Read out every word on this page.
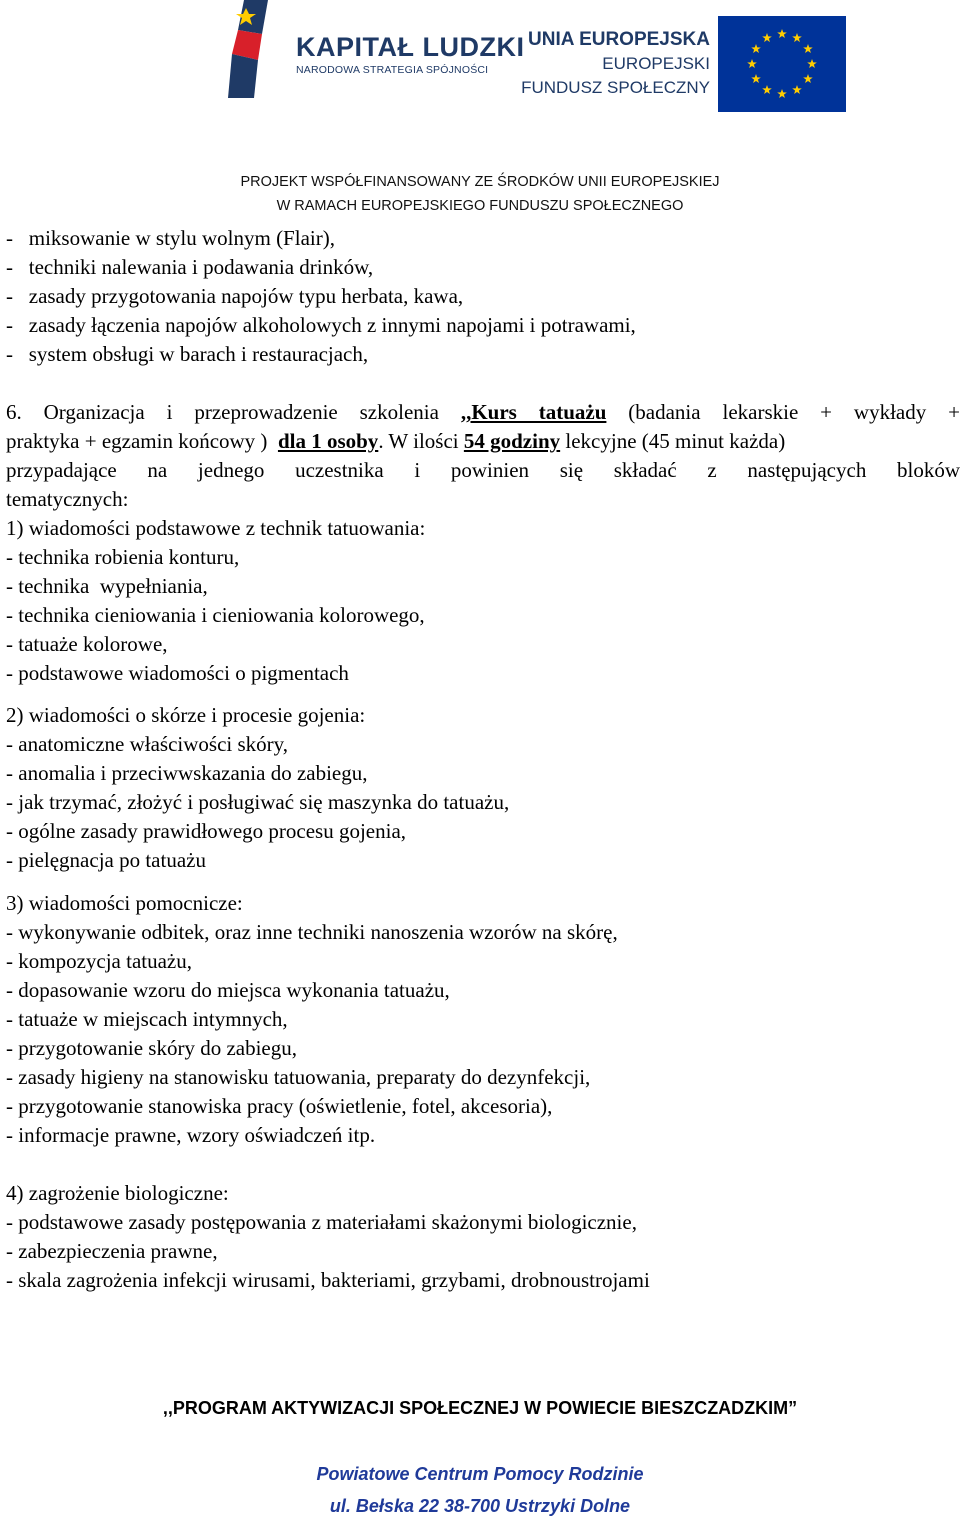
KAPITAŁ LUDZKI
NARODOWA STRATEGIA SPÓJNOŚCI
UNIA EUROPEJSKA
EUROPEJSKI
FUNDUSZ SPOŁECZNY
PROJEKT WSPÓŁFINANSOWANY ZE ŚRODKÓW UNII EUROPEJSKIEJ
W RAMACH EUROPEJSKIEGO FUNDUSZU SPOŁECZNEGO
-   miksowanie w stylu wolnym (Flair),
-   techniki nalewania i podawania drinków,
-   zasady przygotowania napojów typu herbata, kawa,
-   zasady łączenia napojów alkoholowych z innymi napojami i potrawami,
-   system obsługi w barach i restauracjach,
6. Organizacja i przeprowadzenie szkolenia ,,Kurs tatuażu (badania lekarskie + wykłady +
praktyka + egzamin końcowy )  dla 1 osoby. W ilości 54 godziny lekcyjne (45 minut każda)
przypadające na jednego uczestnika i powinien się składać z następujących bloków
tematycznych:
1) wiadomości podstawowe z technik tatuowania:
- technika robienia konturu,
- technika  wypełniania,
- technika cieniowania i cieniowania kolorowego,
- tatuaże kolorowe,
- podstawowe wiadomości o pigmentach
2) wiadomości o skórze i procesie gojenia:
- anatomiczne właściwości skóry,
- anomalia i przeciwwskazania do zabiegu,
- jak trzymać, złożyć i posługiwać się maszynka do tatuażu,
- ogólne zasady prawidłowego procesu gojenia,
- pielęgnacja po tatuażu
3) wiadomości pomocnicze:
- wykonywanie odbitek, oraz inne techniki nanoszenia wzorów na skórę,
- kompozycja tatuażu,
- dopasowanie wzoru do miejsca wykonania tatuażu,
- tatuaże w miejscach intymnych,
- przygotowanie skóry do zabiegu,
- zasady higieny na stanowisku tatuowania, preparaty do dezynfekcji,
- przygotowanie stanowiska pracy (oświetlenie, fotel, akcesoria),
- informacje prawne, wzory oświadczeń itp.
4) zagrożenie biologiczne:
- podstawowe zasady postępowania z materiałami skażonymi biologicznie,
- zabezpieczenia prawne,
- skala zagrożenia infekcji wirusami, bakteriami, grzybami, drobnoustrojami
,,PROGRAM AKTYWIZACJI SPOŁECZNEJ W POWIECIE BIESZCZADZKIM”
Powiatowe Centrum Pomocy Rodzinie
ul. Bełska 22 38-700 Ustrzyki Dolne
